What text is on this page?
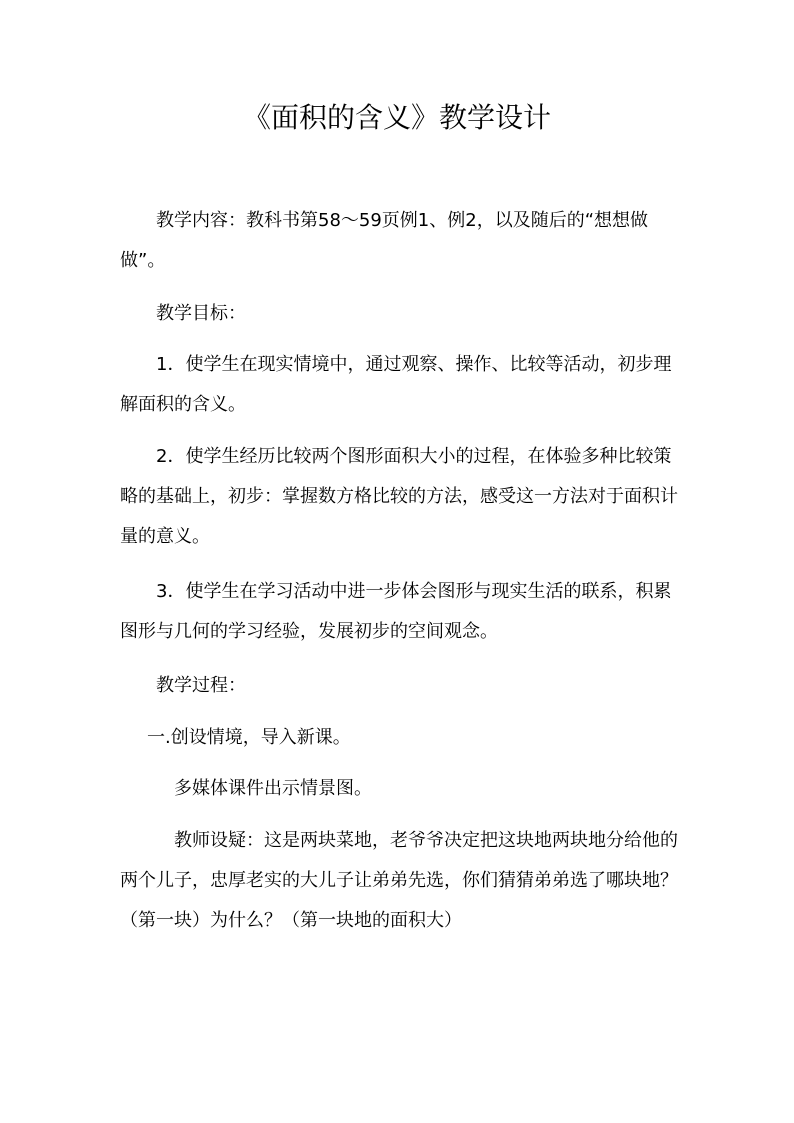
《面积的含义》教学设计

教学内容：教科书第58～59页例1、例2，以及随后的“想想做做”。

教学目标：

1．使学生在现实情境中，通过观察、操作、比较等活动，初步理解面积的含义。

2．使学生经历比较两个图形面积大小的过程，在体验多种比较策略的基础上，初步：掌握数方格比较的方法，感受这一方法对于面积计量的意义。

3．使学生在学习活动中进一步体会图形与现实生活的联系，积累图形与几何的学习经验，发展初步的空间观念。

教学过程：

一.创设情境，导入新课。

多媒体课件出示情景图。

教师设疑：这是两块菜地，老爷爷决定把这块地两块地分给他的两个儿子，忠厚老实的大儿子让弟弟先选，你们猜猜弟弟选了哪块地？（第一块）为什么？（第一块地的面积大）
